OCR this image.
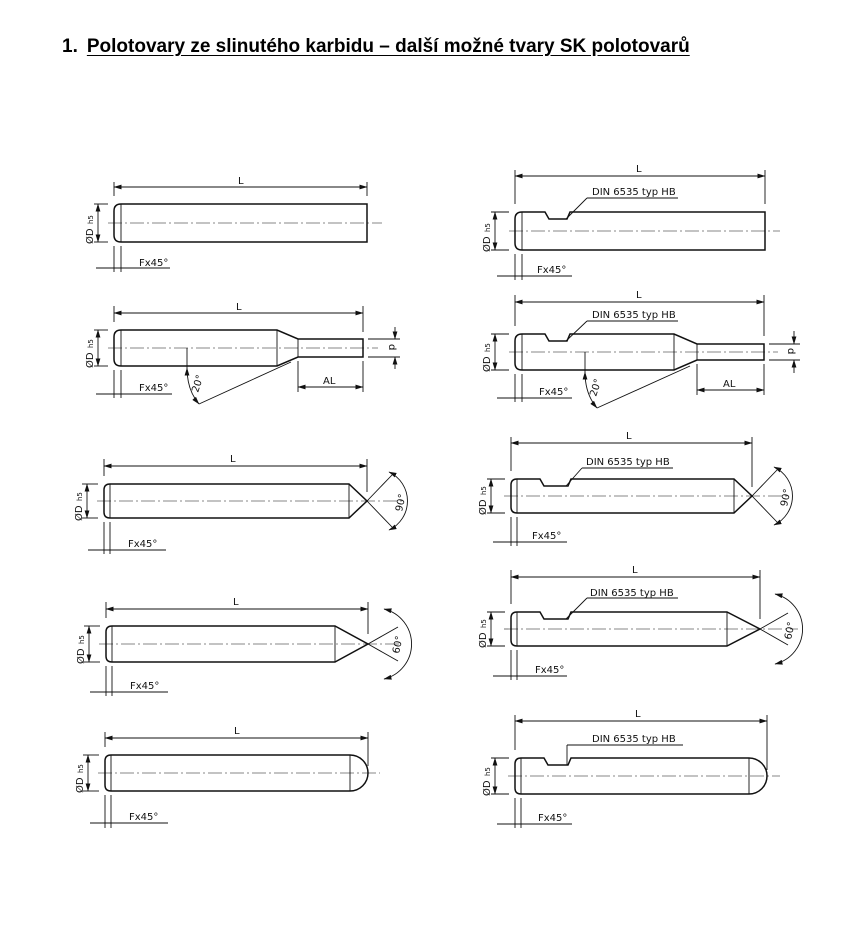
1. Polotovary ze slinutého karbidu – další možné tvary SK polotovarů
L
ØD
h5
Fx45°
L
ØD
h5	d
AL
20°
Fx45°
L
ØD
h5	90°
Fx45°
L
ØD
h5	60°
Fx45°
L
ØD
h5
Fx45°
L
DIN 6535 typ HB
ØD
h5
Fx45°
L
DIN 6535 typ HB
ØD
h5	d
AL
20°
Fx45°
L
DIN 6535 typ HB
ØD
h5	90°
Fx45°
L
DIN 6535 typ HB
ØD
h5	60°
Fx45°
L
DIN 6535 typ HB
ØD
h5
Fx45°
